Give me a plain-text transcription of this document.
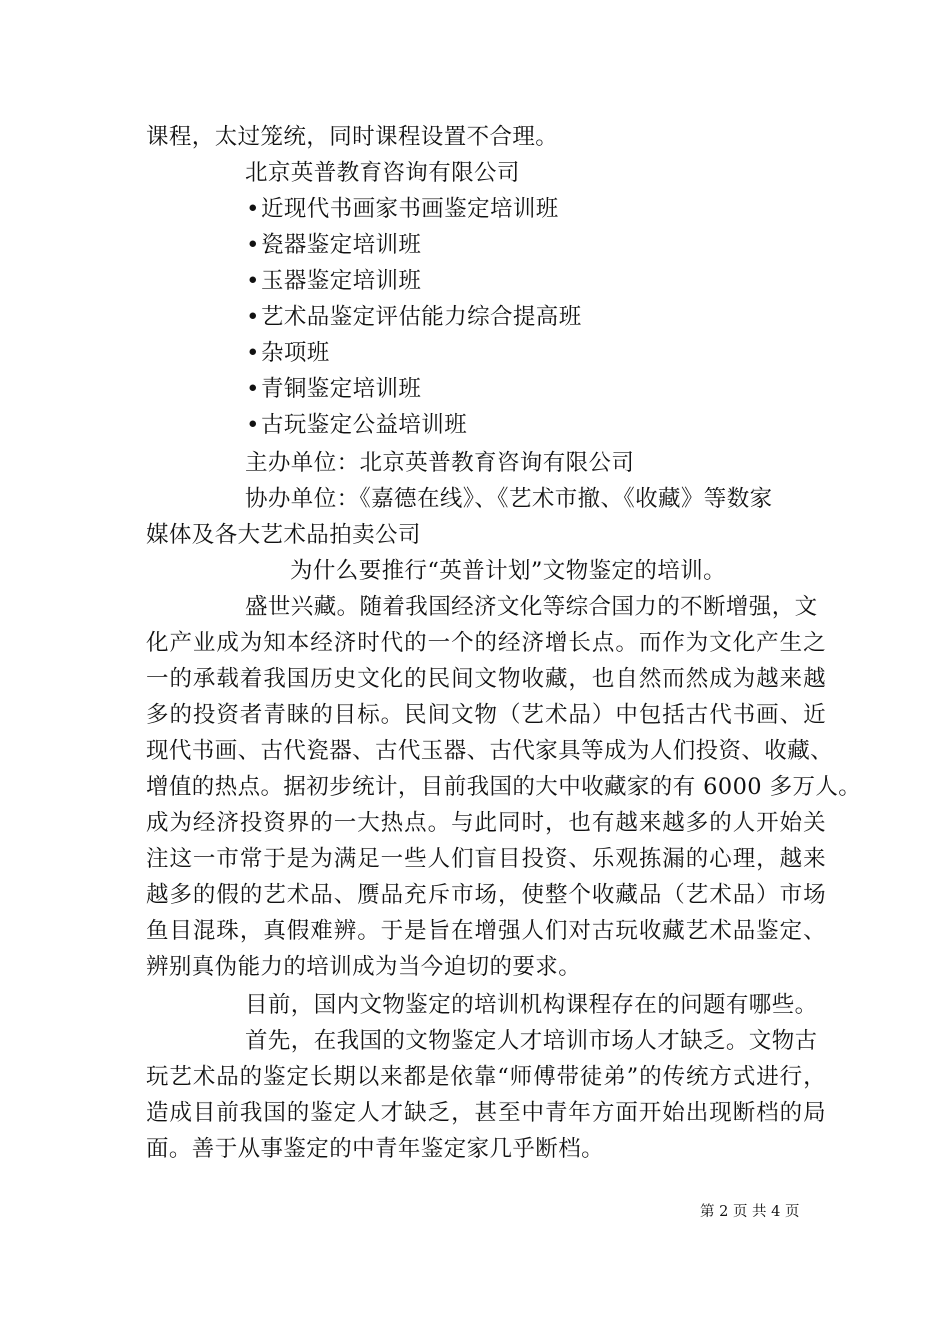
课程，太过笼统，同时课程设置不合理。
北京英普教育咨询有限公司
•近现代书画家书画鉴定培训班
•瓷器鉴定培训班
•玉器鉴定培训班
•艺术品鉴定评估能力综合提高班
•杂项班
•青铜鉴定培训班
•古玩鉴定公益培训班
主办单位：北京英普教育咨询有限公司
协办单位：《嘉德在线》、《艺术市撤、《收藏》等数家
媒体及各大艺术品拍卖公司
为什么要推行“英普计划”文物鉴定的培训。
盛世兴藏。随着我国经济文化等综合国力的不断增强，文
化产业成为知本经济时代的一个的经济增长点。而作为文化产生之
一的承载着我国历史文化的民间文物收藏，也自然而然成为越来越
多的投资者青睐的目标。民间文物（艺术品）中包括古代书画、近
现代书画、古代瓷器、古代玉器、古代家具等成为人们投资、收藏、
增值的热点。据初步统计，目前我国的大中收藏家的有 6000 多万人。
成为经济投资界的一大热点。与此同时，也有越来越多的人开始关
注这一市常于是为满足一些人们盲目投资、乐观拣漏的心理，越来
越多的假的艺术品、赝品充斥市场，使整个收藏品（艺术品）市场
鱼目混珠，真假难辨。于是旨在增强人们对古玩收藏艺术品鉴定、
辨别真伪能力的培训成为当今迫切的要求。
目前，国内文物鉴定的培训机构课程存在的问题有哪些。
首先，在我国的文物鉴定人才培训市场人才缺乏。文物古
玩艺术品的鉴定长期以来都是依靠“师傅带徒弟”的传统方式进行，
造成目前我国的鉴定人才缺乏，甚至中青年方面开始出现断档的局
面。善于从事鉴定的中青年鉴定家几乎断档。
第 2 页 共 4 页
